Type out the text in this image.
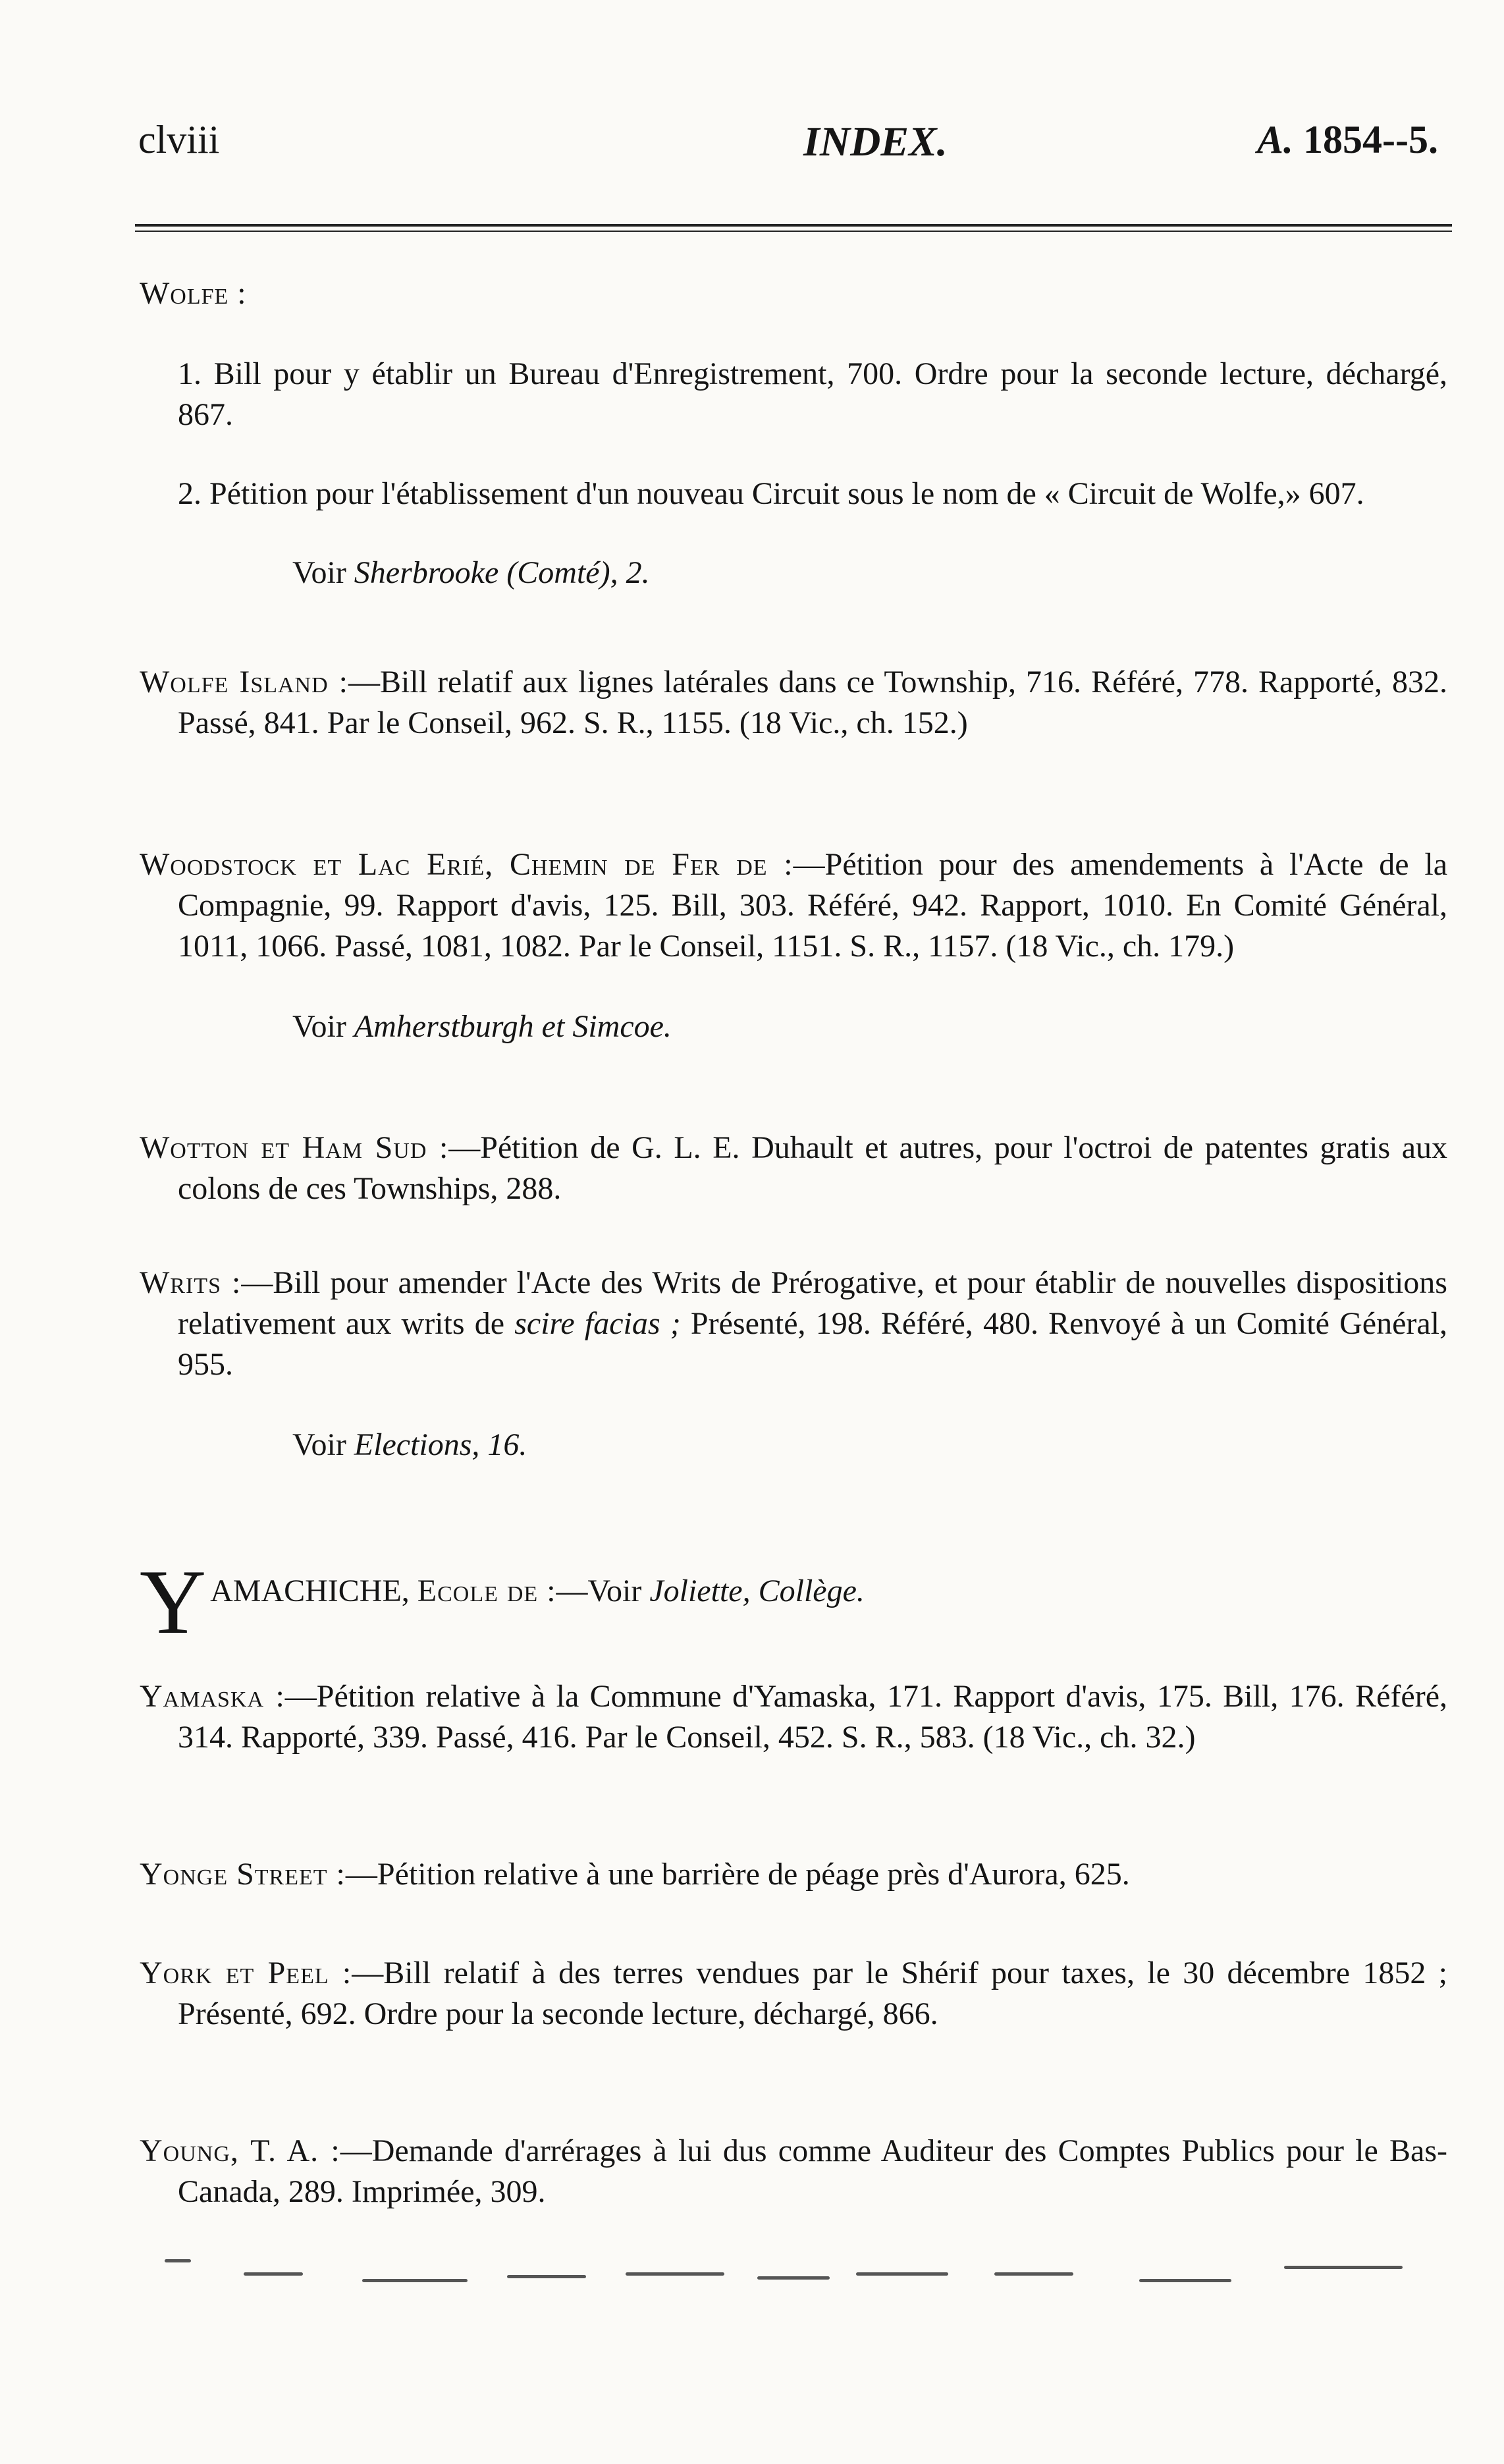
clviii	INDEX.	A. 1854--5.

Wolfe :

1. Bill pour y établir un Bureau d'Enregistrement, 700. Ordre pour la seconde lecture, déchargé, 867.

2. Pétition pour l'établissement d'un nouveau Circuit sous le nom de « Circuit de Wolfe,» 607.

Voir Sherbrooke (Comté), 2.

Wolfe Island :—Bill relatif aux lignes latérales dans ce Township, 716. Référé, 778. Rapporté, 832. Passé, 841. Par le Conseil, 962. S. R., 1155. (18 Vic., ch. 152.)

Woodstock et Lac Erié, Chemin de Fer de :—Pétition pour des amendements à l'Acte de la Compagnie, 99. Rapport d'avis, 125. Bill, 303. Référé, 942. Rapport, 1010. En Comité Général, 1011, 1066. Passé, 1081, 1082. Par le Conseil, 1151. S. R., 1157. (18 Vic., ch. 179.)

Voir Amherstburgh et Simcoe.

Wotton et Ham Sud :—Pétition de G. L. E. Duhault et autres, pour l'octroi de patentes gratis aux colons de ces Townships, 288.

Writs :—Bill pour amender l'Acte des Writs de Prérogative, et pour établir de nouvelles dispositions relativement aux writs de scire facias ; Présenté, 198. Référé, 480. Renvoyé à un Comité Général, 955.

Voir Elections, 16.

YAMACHICHE, Ecole de :—Voir Joliette, Collège.

Yamaska :—Pétition relative à la Commune d'Yamaska, 171. Rapport d'avis, 175. Bill, 176. Référé, 314. Rapporté, 339. Passé, 416. Par le Conseil, 452. S. R., 583. (18 Vic., ch. 32.)

Yonge Street :—Pétition relative à une barrière de péage près d'Aurora, 625.

York et Peel :—Bill relatif à des terres vendues par le Shérif pour taxes, le 30 décembre 1852 ; Présenté, 692. Ordre pour la seconde lecture, déchargé, 866.

Young, T. A. :—Demande d'arrérages à lui dus comme Auditeur des Comptes Publics pour le Bas-Canada, 289. Imprimée, 309.
